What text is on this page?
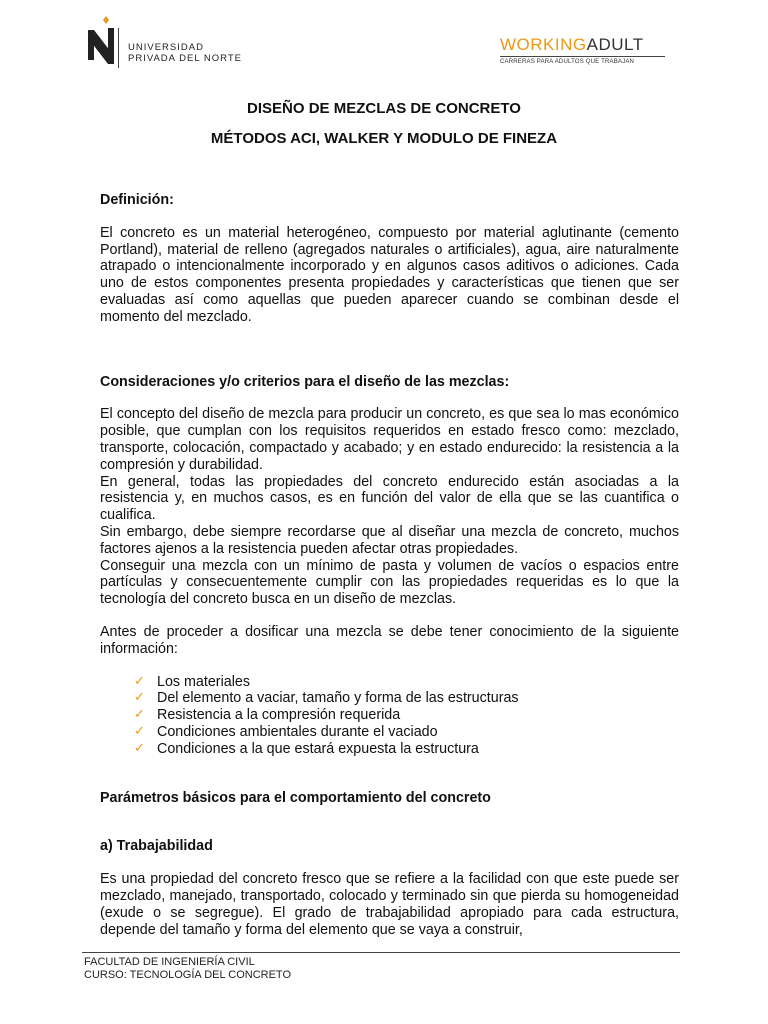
UNIVERSIDAD
PRIVADA DEL NORTE
WORKINGADULT
CARRERAS PARA ADULTOS QUE TRABAJAN
DISEÑO DE MEZCLAS DE CONCRETO
MÉTODOS ACI, WALKER Y MODULO DE FINEZA

Definición:

El concreto es un material heterogéneo, compuesto por material aglutinante (cemento Portland), material de relleno (agregados naturales o artificiales), agua, aire naturalmente atrapado o intencionalmente incorporado y en algunos casos aditivos o adiciones. Cada uno de estos componentes presenta propiedades y características que tienen que ser evaluadas así como aquellas que pueden aparecer cuando se combinan desde el momento del mezclado.

Consideraciones y/o criterios para el diseño de las mezclas:

El concepto del diseño de mezcla para producir un concreto, es que sea lo mas económico posible, que cumplan con los requisitos requeridos en estado fresco como: mezclado, transporte, colocación, compactado y acabado; y en estado endurecido: la resistencia a la compresión y durabilidad.

En general, todas las propiedades del concreto endurecido están asociadas a la resistencia y, en muchos casos, es en función del valor de ella que se las cuantifica o cualifica.

Sin embargo, debe siempre recordarse que al diseñar una mezcla de concreto, muchos factores ajenos a la resistencia pueden afectar otras propiedades.

Conseguir una mezcla con un mínimo de pasta y volumen de vacíos o espacios entre partículas y consecuentemente cumplir con las propiedades requeridas es lo que la tecnología del concreto busca en un diseño de mezclas.

Antes de proceder a dosificar una mezcla se debe tener conocimiento de la siguiente información:

✓ Los materiales
✓ Del elemento a vaciar, tamaño y forma de las estructuras
✓ Resistencia a la compresión requerida
✓ Condiciones ambientales durante el vaciado
✓ Condiciones a la que estará expuesta la estructura

Parámetros básicos para el comportamiento del concreto

a) Trabajabilidad

Es una propiedad del concreto fresco que se refiere a la facilidad con que este puede ser mezclado, manejado, transportado, colocado y terminado sin que pierda su homogeneidad (exude o se segregue). El grado de trabajabilidad apropiado para cada estructura, depende del tamaño y forma del elemento que se vaya a construir,

FACULTAD DE INGENIERÍA CIVIL
CURSO: TECNOLOGÍA DEL CONCRETO
